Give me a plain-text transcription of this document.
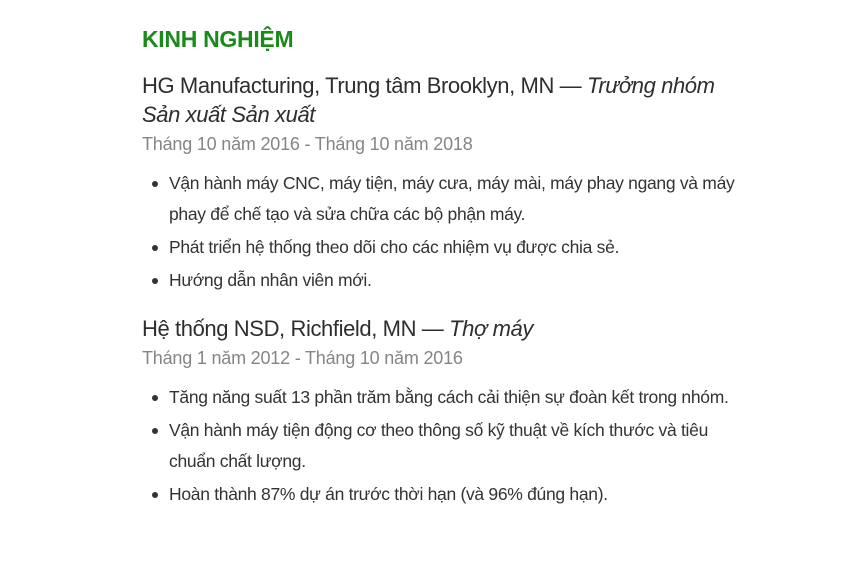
KINH NGHIỆM

HG Manufacturing, Trung tâm Brooklyn, MN — Trưởng nhóm Sản xuất Sản xuất

Tháng 10 năm 2016 - Tháng 10 năm 2018
Vận hành máy CNC, máy tiện, máy cưa, máy mài, máy phay ngang và máy phay để chế tạo và sửa chữa các bộ phận máy.
Phát triển hệ thống theo dõi cho các nhiệm vụ được chia sẻ.
Hướng dẫn nhân viên mới.

Hệ thống NSD, Richfield, MN — Thợ máy

Tháng 1 năm 2012 - Tháng 10 năm 2016
Tăng năng suất 13 phần trăm bằng cách cải thiện sự đoàn kết trong nhóm.
Vận hành máy tiện động cơ theo thông số kỹ thuật về kích thước và tiêu chuẩn chất lượng.
Hoàn thành 87% dự án trước thời hạn (và 96% đúng hạn).
